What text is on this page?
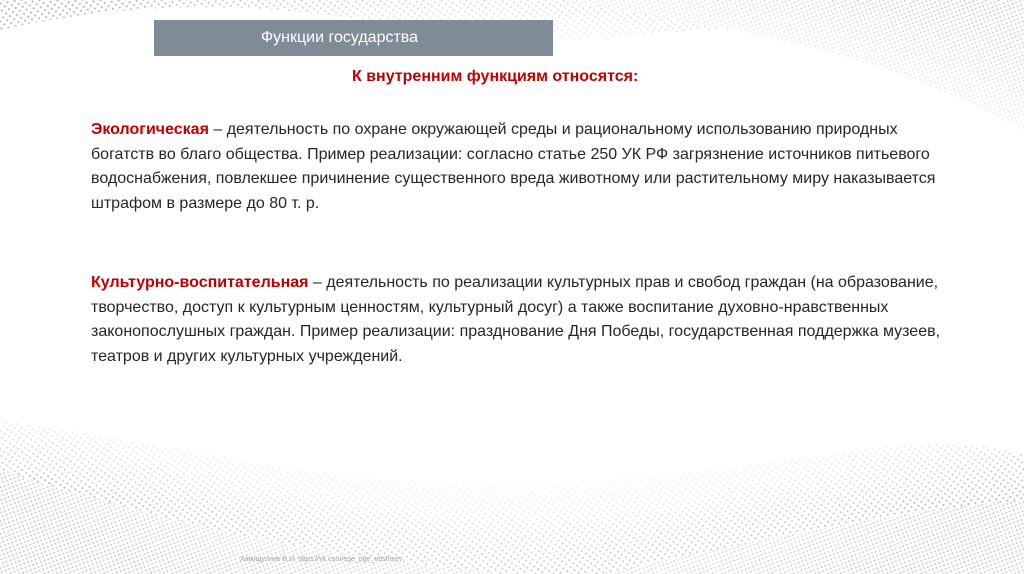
Функции государства
К внутренним функциям относятся:

Экологическая – деятельность по охране окружающей среды и рациональному использованию природных богатств во благо общества. Пример реализации: согласно статье 250 УК РФ загрязнение источников питьевого водоснабжения, повлекшее причинение существенного вреда животному или растительному миру наказывается штрафом в размере до 80 т. р.

Культурно-воспитательная – деятельность по реализации культурных прав и свобод граждан (на образование, творчество, доступ к культурным ценностям, культурный досуг) а также воспитание духовно-нравственных законопослушных граждан. Пример реализации: празднование Дня Победы, государственная поддержка музеев, театров и других культурных учреждений.

Хамидуллин Б.И. https://vk.com/ege_oge_obshestv
